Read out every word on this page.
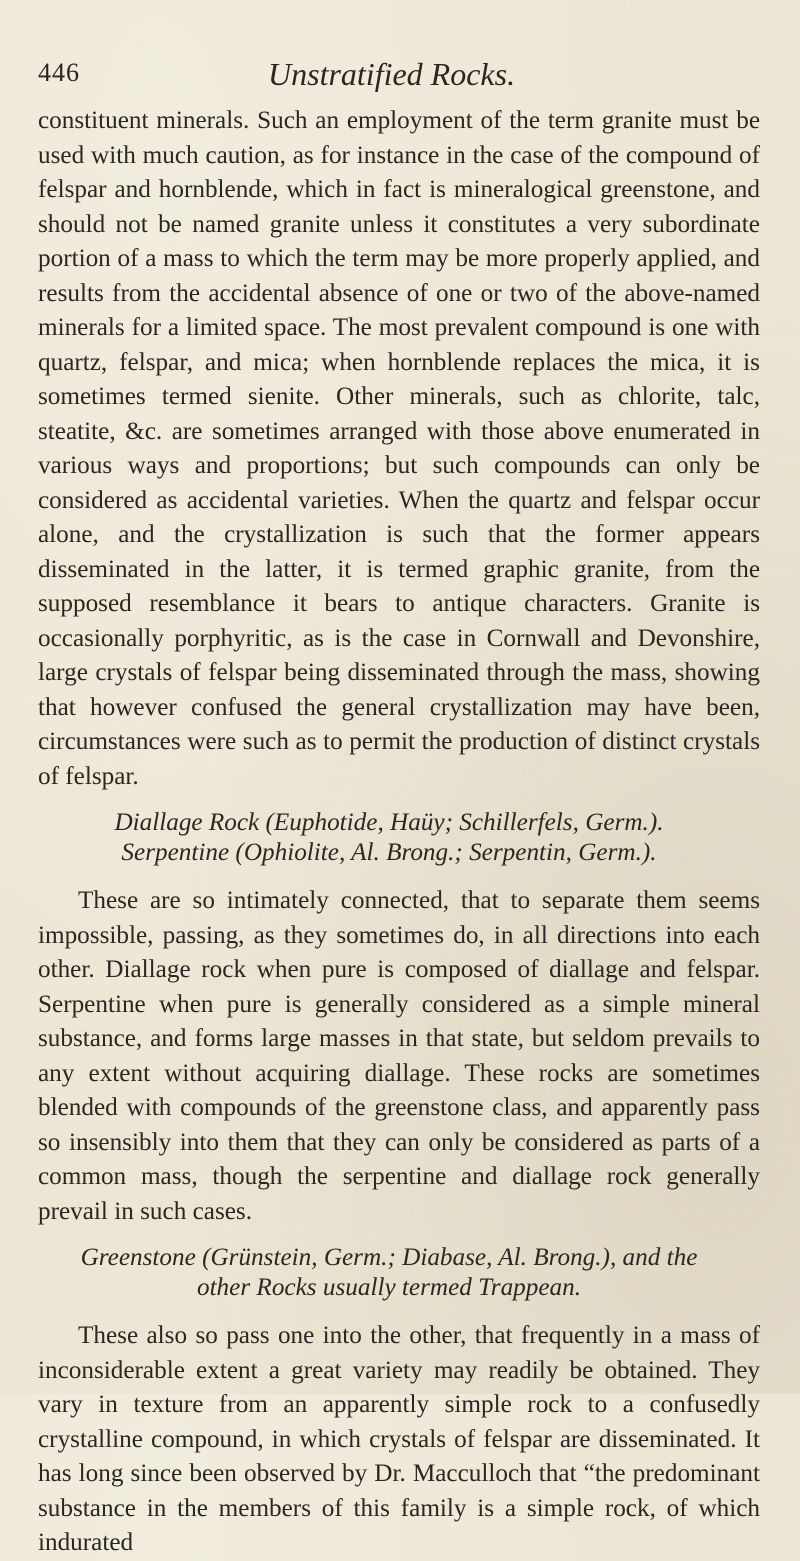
446	Unstratified Rocks.

constituent minerals. Such an employment of the term granite must be used with much caution, as for instance in the case of the compound of felspar and hornblende, which in fact is mineralogical greenstone, and should not be named granite unless it constitutes a very subordinate portion of a mass to which the term may be more properly applied, and results from the accidental absence of one or two of the above-named minerals for a limited space. The most prevalent compound is one with quartz, felspar, and mica; when hornblende replaces the mica, it is sometimes termed sienite. Other minerals, such as chlorite, talc, steatite, &c. are sometimes arranged with those above enumerated in various ways and proportions; but such compounds can only be considered as accidental varieties. When the quartz and felspar occur alone, and the crystallization is such that the former appears disseminated in the latter, it is termed graphic granite, from the supposed resemblance it bears to antique characters. Granite is occasionally porphyritic, as is the case in Cornwall and Devonshire, large crystals of felspar being disseminated through the mass, showing that however confused the general crystallization may have been, circumstances were such as to permit the production of distinct crystals of felspar.

Diallage Rock (Euphotide, Haüy; Schillerfels, Germ.). Serpentine (Ophiolite, Al. Brong.; Serpentin, Germ.).

These are so intimately connected, that to separate them seems impossible, passing, as they sometimes do, in all directions into each other. Diallage rock when pure is composed of diallage and felspar. Serpentine when pure is generally considered as a simple mineral substance, and forms large masses in that state, but seldom prevails to any extent without acquiring diallage. These rocks are sometimes blended with compounds of the greenstone class, and apparently pass so insensibly into them that they can only be considered as parts of a common mass, though the serpentine and diallage rock generally prevail in such cases.

Greenstone (Grünstein, Germ.; Diabase, Al. Brong.), and the other Rocks usually termed Trappean.

These also so pass one into the other, that frequently in a mass of inconsiderable extent a great variety may readily be obtained. They vary in texture from an apparently simple rock to a confusedly crystalline compound, in which crystals of felspar are disseminated. It has long since been observed by Dr. Macculloch that “the predominant substance in the members of this family is a simple rock, of which indurated
